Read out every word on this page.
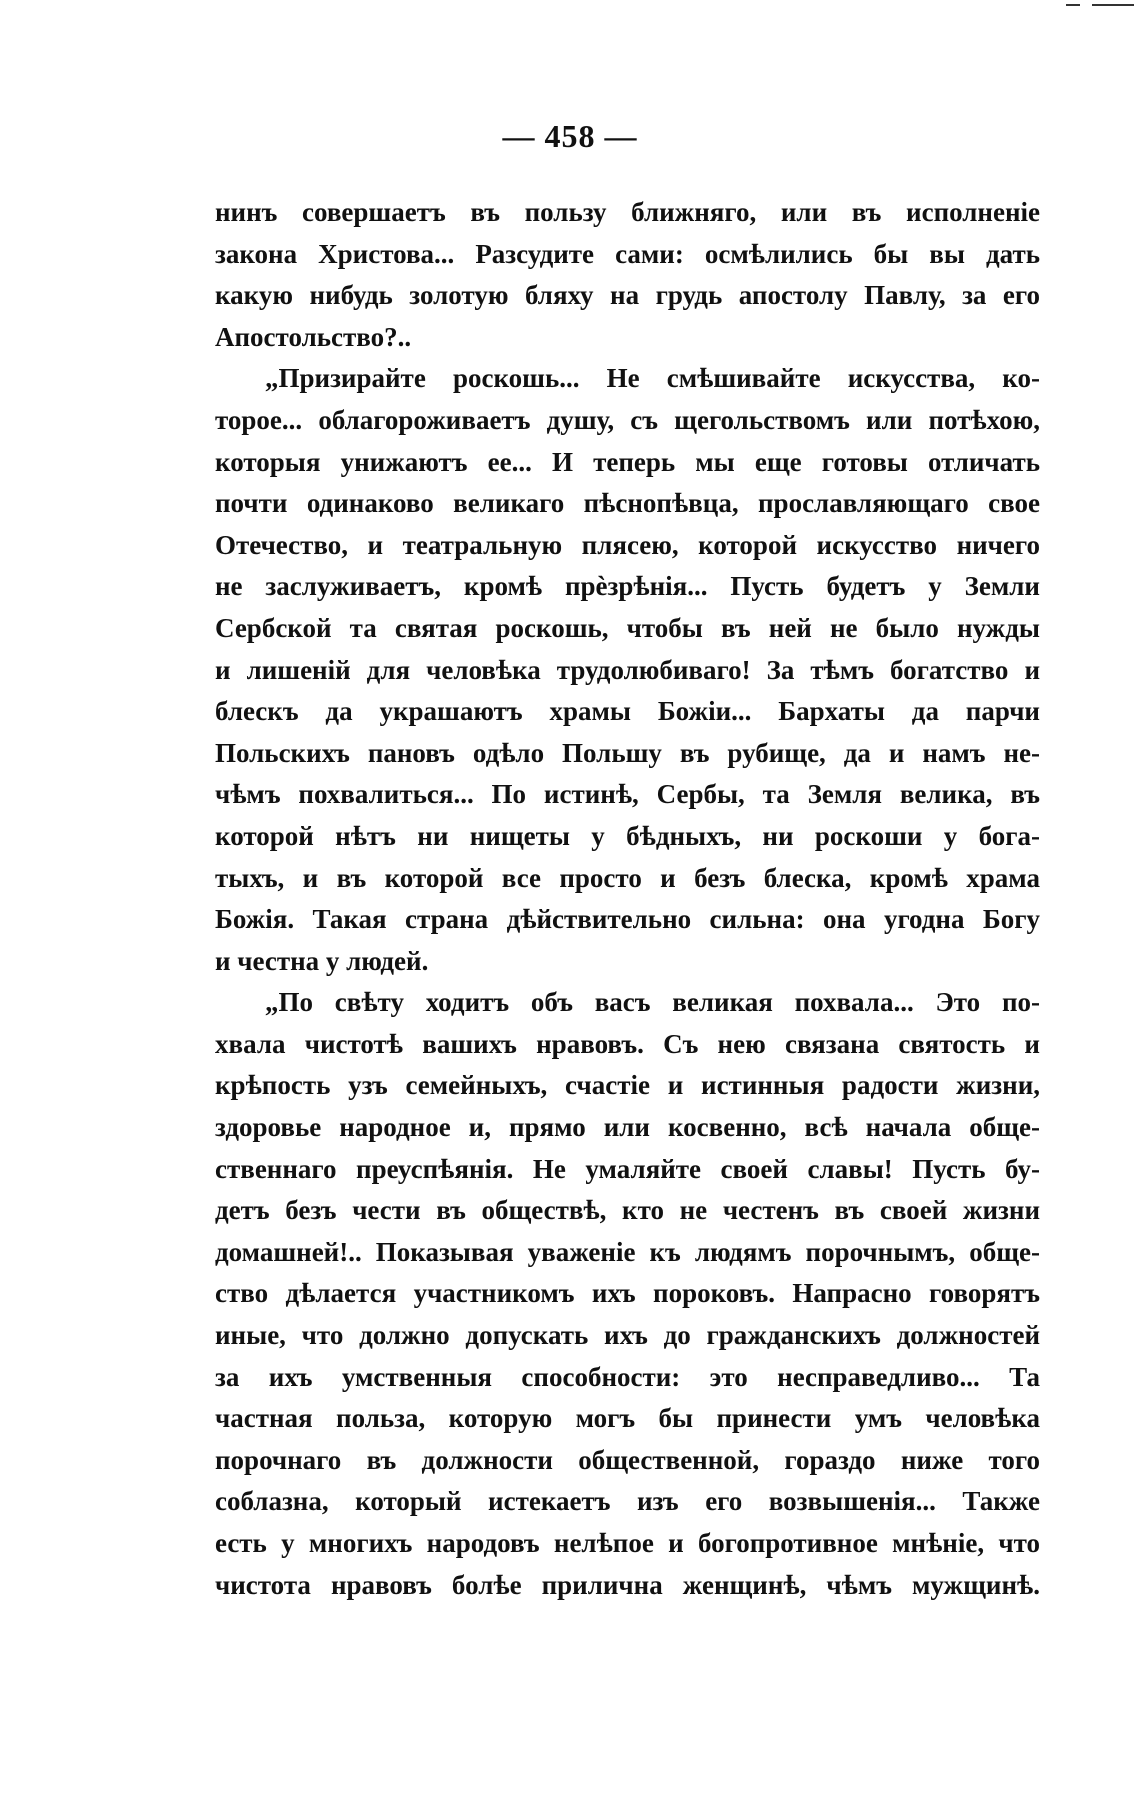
— 458 —
нинъ совершаетъ въ пользу ближняго, или въ исполненіе
закона Христова... Разсудите сами: осмѣлились бы вы дать
какую нибудь золотую бляху на грудь апостолу Павлу, за его
Апостольство?..
„Призирайте роскошь... Не смѣшивайте искусства, ко-
торое... облагороживаетъ душу, съ щегольствомъ или потѣхою,
которыя унижаютъ ее... И теперь мы еще готовы отличать
почти одинаково великаго пѣснопѣвца, прославляющаго свое
Отечество, и театральную плясею, которой искусство ничего
не заслуживаетъ, кромѣ прѐзрѣнія... Пусть будетъ у Земли
Сербской та святая роскошь, чтобы въ ней не было нужды
и лишеній для человѣка трудолюбиваго! За тѣмъ богатство и
блескъ да украшаютъ храмы Божіи... Бархаты да парчи
Польскихъ пановъ одѣло Польшу въ рубище, да и намъ не-
чѣмъ похвалиться... По истинѣ, Сербы, та Земля велика, въ
которой нѣтъ ни нищеты у бѣдныхъ, ни роскоши у бога-
тыхъ, и въ которой все просто и безъ блеска, кромѣ храма
Божія. Такая страна дѣйствительно сильна: она угодна Богу
и честна у людей.
„По свѣту ходитъ объ васъ великая похвала... Это по-
хвала чистотѣ вашихъ нравовъ. Съ нею связана святость и
крѣпость узъ семейныхъ, счастіе и истинныя радости жизни,
здоровье народное и, прямо или косвенно, всѣ начала обще-
ственнаго преуспѣянія. Не умаляйте своей славы! Пусть бу-
детъ безъ чести въ обществѣ, кто не честенъ въ своей жизни
домашней!.. Показывая уваженіе къ людямъ порочнымъ, обще-
ство дѣлается участникомъ ихъ пороковъ. Напрасно говорятъ
иные, что должно допускать ихъ до гражданскихъ должностей
за ихъ умственныя способности: это несправедливо... Та
частная польза, которую могъ бы принести умъ человѣка
порочнаго въ должности общественной, гораздо ниже того
соблазна, который истекаетъ изъ его возвышенія... Также
есть у многихъ народовъ нелѣпое и богопротивное мнѣніе, что
чистота нравовъ болѣе прилична женщинѣ, чѣмъ мужщинѣ.
